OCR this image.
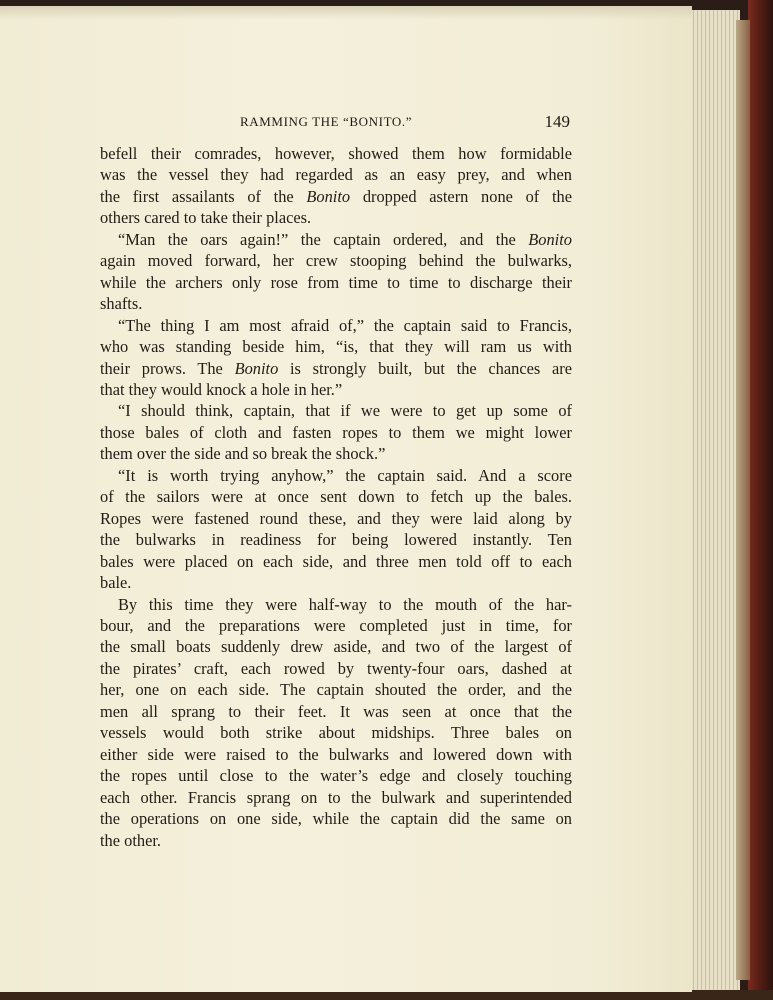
RAMMING THE “BONITO.”	149
befell their comrades, however, showed them how formidable
was the vessel they had regarded as an easy prey, and when
the first assailants of the Bonito dropped astern none of the
others cared to take their places.
“Man the oars again!” the captain ordered, and the Bonito
again moved forward, her crew stooping behind the bulwarks,
while the archers only rose from time to time to discharge their
shafts.
“The thing I am most afraid of,” the captain said to Francis,
who was standing beside him, “is, that they will ram us with
their prows. The Bonito is strongly built, but the chances are
that they would knock a hole in her.”
“I should think, captain, that if we were to get up some of
those bales of cloth and fasten ropes to them we might lower
them over the side and so break the shock.”
“It is worth trying anyhow,” the captain said. And a score
of the sailors were at once sent down to fetch up the bales.
Ropes were fastened round these, and they were laid along by
the bulwarks in readiness for being lowered instantly. Ten
bales were placed on each side, and three men told off to each
bale.
By this time they were half-way to the mouth of the har-
bour, and the preparations were completed just in time, for
the small boats suddenly drew aside, and two of the largest of
the pirates’ craft, each rowed by twenty-four oars, dashed at
her, one on each side. The captain shouted the order, and the
men all sprang to their feet. It was seen at once that the
vessels would both strike about midships. Three bales on
either side were raised to the bulwarks and lowered down with
the ropes until close to the water’s edge and closely touching
each other. Francis sprang on to the bulwark and superintended
the operations on one side, while the captain did the same on
the other.
